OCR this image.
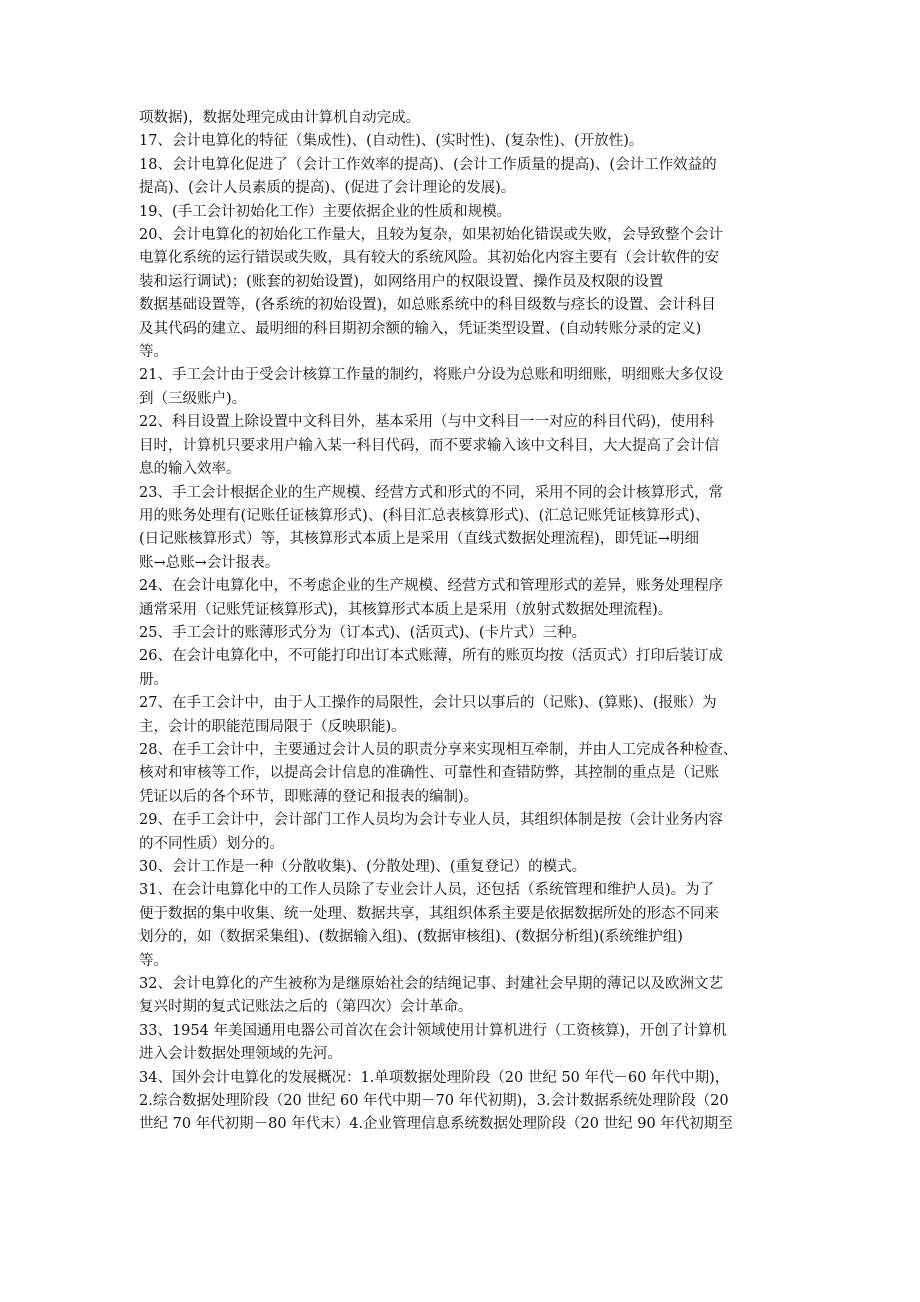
项数据)，数据处理完成由计算机自动完成。

17、会计电算化的特征（集成性)、(自动性)、(实时性)、(复杂性)、(开放性)。

18、会计电算化促进了（会计工作效率的提高)、(会计工作质量的提高)、(会计工作效益的
提高)、(会计人员素质的提高)、(促进了会计理论的发展)。

19、(手工会计初始化工作）主要依据企业的性质和规模。

20、会计电算化的初始化工作量大，且较为复杂，如果初始化错误或失败，会导致整个会计
电算化系统的运行错误或失败，具有较大的系统风险。其初始化内容主要有（会计软件的安
装和运行调试)；(账套的初始设置)，如网络用户的权限设置、操作员及权限的设置
数据基础设置等，(各系统的初始设置)，如总账系统中的科目级数与痉长的设置、会计科目
及其代码的建立、最明细的科目期初余额的输入，凭证类型设置、(自动转账分录的定义)
等。

21、手工会计由于受会计核算工作量的制约，将账户分设为总账和明细账，明细账大多仅设
到（三级账户)。

22、科目设置上除设置中文科目外，基本采用（与中文科目一一对应的科目代码)，使用科
目时，计算机只要求用户输入某一科目代码，而不要求输入该中文科目，大大提高了会计信
息的输入效率。

23、手工会计根据企业的生产规模、经营方式和形式的不同，采用不同的会计核算形式，常
用的账务处理有(记账任证核算形式)、(科目汇总表核算形式)、(汇总记账凭证核算形式)、
(日记账核算形式）等，其核算形式本质上是采用（直线式数据处理流程)，即凭证→明细
账→总账→会计报表。

24、在会计电算化中，不考虑企业的生产规模、经营方式和管理形式的差异，账务处理程序
通常采用（记账凭证核算形式)，其核算形式本质上是采用（放射式数据处理流程)。

25、手工会计的账薄形式分为（订本式)、(活页式)、(卡片式）三种。

26、在会计电算化中，不可能打印出订本式账薄，所有的账页均按（活页式）打印后装订成
册。

27、在手工会计中，由于人工操作的局限性，会计只以事后的（记账)、(算账)、(报账）为
主，会计的职能范围局限于（反映职能)。

28、在手工会计中，主要通过会计人员的职责分享来实现相互牵制，并由人工完成各种检查、
核对和审核等工作，以提高会计信息的准确性、可靠性和查错防弊，其控制的重点是（记账
凭证以后的各个环节，即账薄的登记和报表的编制)。

29、在手工会计中，会计部门工作人员均为会计专业人员，其组织体制是按（会计业务内容
的不同性质）划分的。

30、会计工作是一种（分散收集)、(分散处理)、(重复登记）的模式。

31、在会计电算化中的工作人员除了专业会计人员，还包括（系统管理和维护人员)。为了
便于数据的集中收集、统一处理、数据共享，其组织体系主要是依据数据所处的形态不同来
划分的，如（数据采集组)、(数据输入组)、(数据审核组)、(数据分析组)(系统维护组)
等。

32、会计电算化的产生被称为是继原始社会的结绳记事、封建社会早期的薄记以及欧洲文艺
复兴时期的复式记账法之后的（第四次）会计革命。

33、1954 年美国通用电器公司首次在会计领域使用计算机进行（工资核算)，开创了计算机
进入会计数据处理领域的先河。

34、国外会计电算化的发展概况：1.单项数据处理阶段（20 世纪 50 年代－60 年代中期)，
2.综合数据处理阶段（20 世纪 60 年代中期－70 年代初期)，3.会计数据系统处理阶段（20
世纪 70 年代初期－80 年代末）4.企业管理信息系统数据处理阶段（20 世纪 90 年代初期至
